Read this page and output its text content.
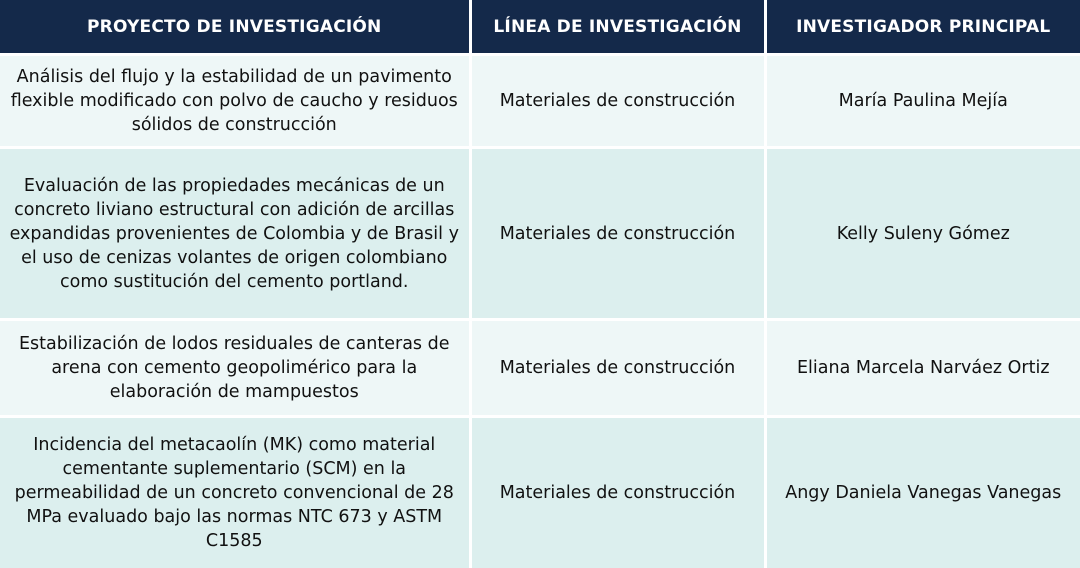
PROYECTO DE INVESTIGACIÓN	LÍNEA DE INVESTIGACIÓN	INVESTIGADOR PRINCIPAL
Análisis del flujo y la estabilidad de un pavimento flexible modificado con polvo de caucho y residuos sólidos de construcción	Materiales de construcción	María Paulina Mejía
Evaluación de las propiedades mecánicas de un concreto liviano estructural con adición de arcillas expandidas provenientes de Colombia y de Brasil y el uso de cenizas volantes de origen colombiano como sustitución del cemento portland.	Materiales de construcción	Kelly Suleny Gómez
Estabilización de lodos residuales de canteras de arena con cemento geopolimérico para la elaboración de mampuestos	Materiales de construcción	Eliana Marcela Narváez Ortiz
Incidencia del metacaolín (MK) como material cementante suplementario (SCM) en la permeabilidad de un concreto convencional de 28 MPa evaluado bajo las normas NTC 673 y ASTM C1585	Materiales de construcción	Angy Daniela Vanegas Vanegas
